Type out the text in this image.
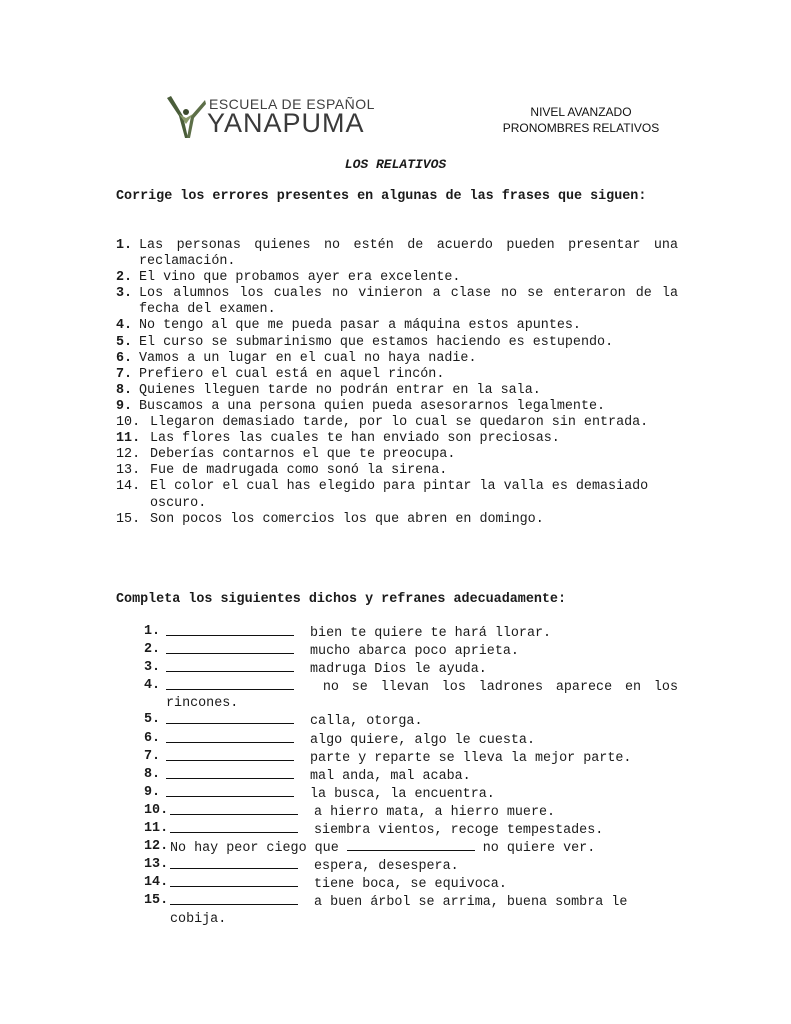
ESCUELA DE ESPAÑOL
YANAPUMA	NIVEL AVANZADO
PRONOMBRES RELATIVOS
LOS RELATIVOS
Corrige los errores presentes en algunas de las frases que siguen:
1. Las personas quienes no estén de acuerdo pueden presentar una reclamación.
2. El vino que probamos ayer era excelente.
3. Los alumnos los cuales no vinieron a clase no se enteraron de la fecha del examen.
4. No tengo al que me pueda pasar a máquina estos apuntes.
5. El curso se submarinismo que estamos haciendo es estupendo.
6. Vamos a un lugar en el cual no haya nadie.
7. Prefiero el cual está en aquel rincón.
8. Quienes lleguen tarde no podrán entrar en la sala.
9. Buscamos a una persona quien pueda asesorarnos legalmente.
10. Llegaron demasiado tarde, por lo cual se quedaron sin entrada.
11. Las flores las cuales te han enviado son preciosas.
12. Deberías contarnos el que te preocupa.
13. Fue de madrugada como sonó la sirena.
14. El color el cual has elegido para pintar la valla es demasiado oscuro.
15. Son pocos los comercios los que abren en domingo.
Completa los siguientes dichos y refranes adecuadamente:
1.	bien te quiere te hará llorar.
2.	mucho abarca poco aprieta.
3.	madruga Dios le ayuda.
4.	no se llevan los ladrones aparece en los rincones.
5.	calla, otorga.
6.	algo quiere, algo le cuesta.
7.	parte y reparte se lleva la mejor parte.
8.	mal anda, mal acaba.
9.	la busca, la encuentra.
10.	a hierro mata, a hierro muere.
11.	siembra vientos, recoge tempestades.
12. No hay peor ciego que	no quiere ver.
13.	espera, desespera.
14.	tiene boca, se equivoca.
15.	a buen árbol se arrima, buena sombra le cobija.
